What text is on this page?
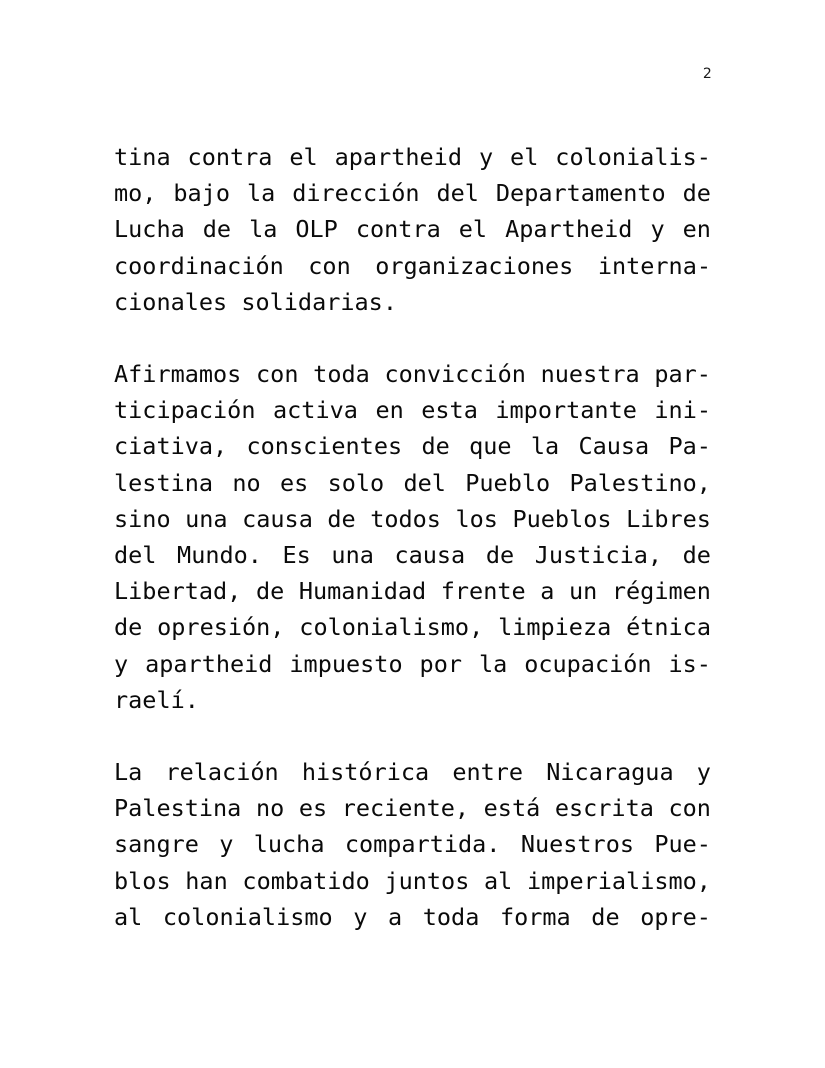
2

tina contra el apartheid y el colonialis-
mo, bajo la dirección del Departamento de
Lucha de la OLP contra el Apartheid y en
coordinación con organizaciones interna-
cionales solidarias.

Afirmamos con toda convicción nuestra par-
ticipación activa en esta importante ini-
ciativa, conscientes de que la Causa Pa-
lestina no es solo del Pueblo Palestino,
sino una causa de todos los Pueblos Libres
del Mundo. Es una causa de Justicia, de
Libertad, de Humanidad frente a un régimen
de opresión, colonialismo, limpieza étnica
y apartheid impuesto por la ocupación is-
raelí.

La relación histórica entre Nicaragua y
Palestina no es reciente, está escrita con
sangre y lucha compartida. Nuestros Pue-
blos han combatido juntos al imperialismo,
al colonialismo y a toda forma de opre-
